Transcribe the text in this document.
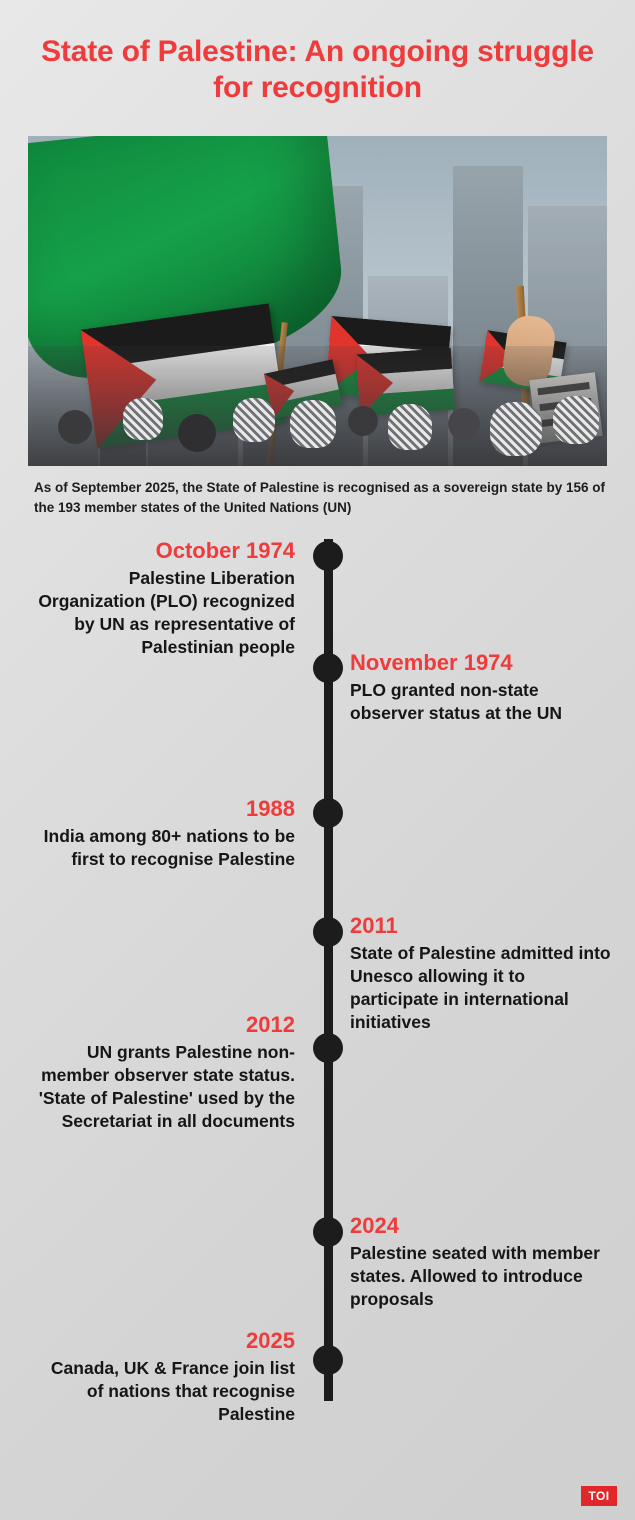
State of Palestine: An ongoing struggle for recognition

As of September 2025, the State of Palestine is recognised as a sovereign state by 156 of the 193 member states of the United Nations (UN)

October 1974
Palestine Liberation Organization (PLO) recognized by UN as representative of Palestinian people
November 1974
PLO granted non-state observer status at the UN
1988
India among 80+ nations to be first to recognise Palestine
2011
State of Palestine admitted into Unesco allowing it to participate in international initiatives
2012
UN grants Palestine non-member observer state status. 'State of Palestine' used by the Secretariat in all documents
2024
Palestine seated with member states. Allowed to introduce proposals
2025
Canada, UK & France join list of nations that recognise Palestine
TOI
